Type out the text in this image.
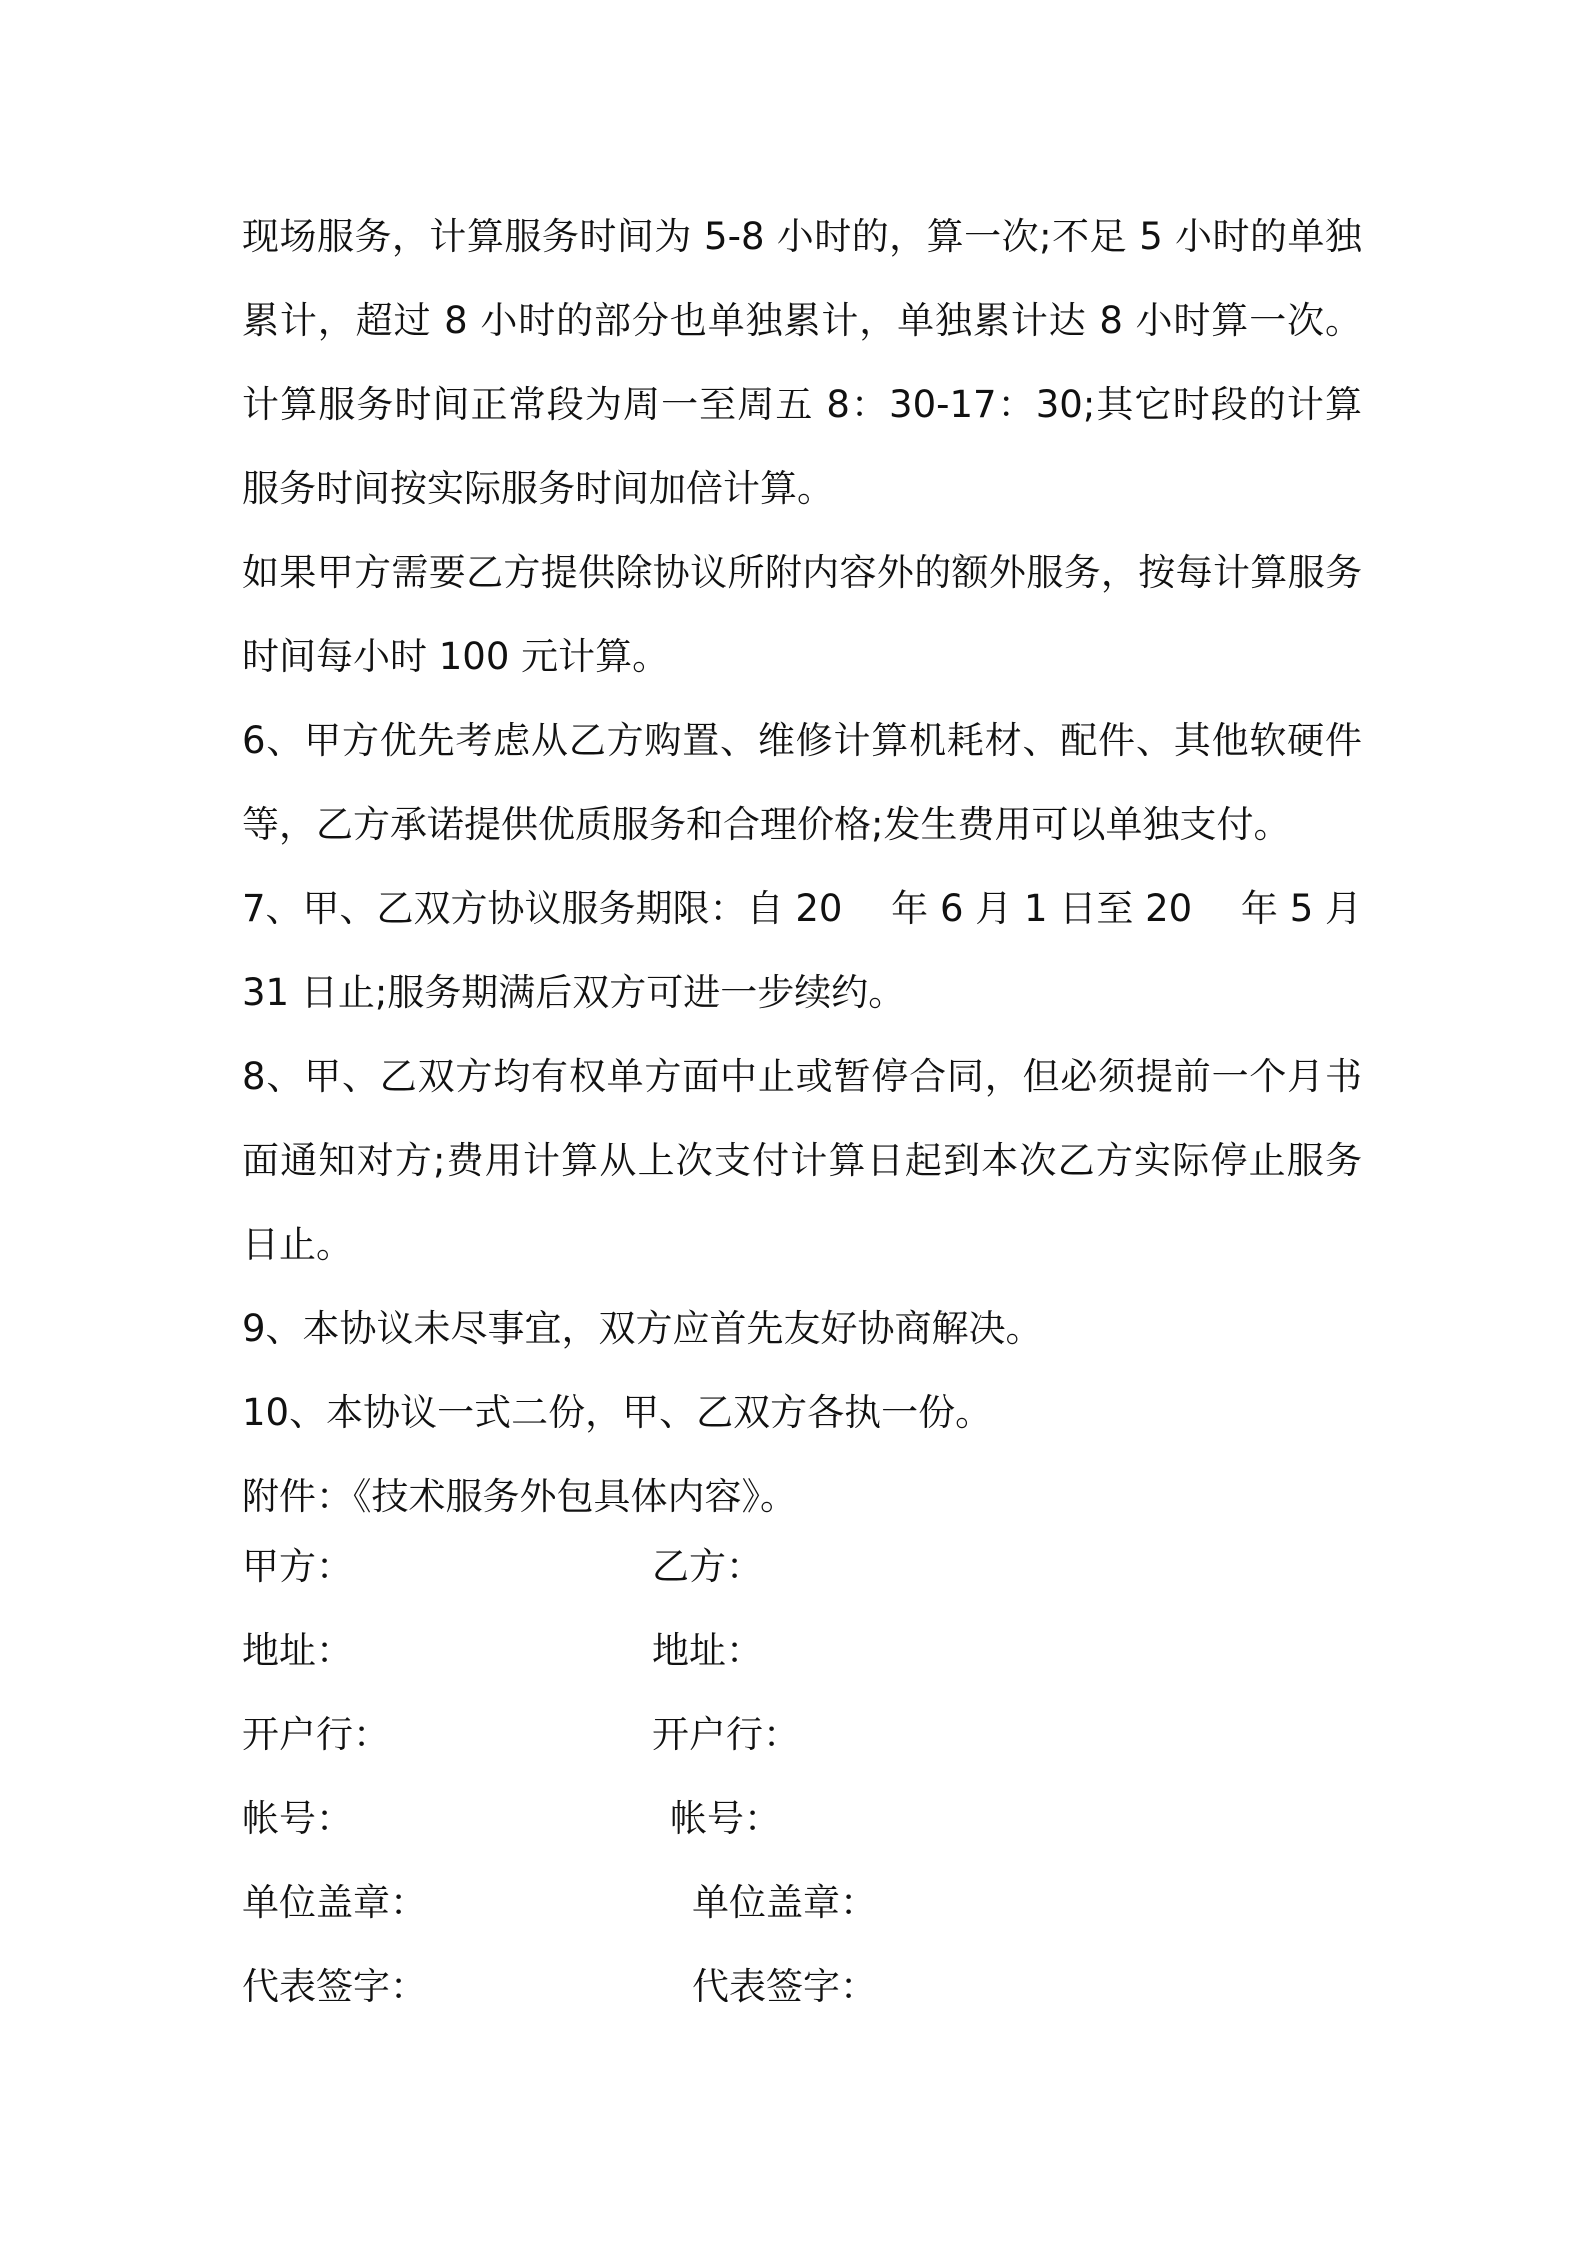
现场服务，计算服务时间为 5-8 小时的，算一次;不足 5 小时的单独累计，超过 8 小时的部分也单独累计，单独累计达 8 小时算一次。计算服务时间正常段为周一至周五 8：30-17：30;其它时段的计算服务时间按实际服务时间加倍计算。

如果甲方需要乙方提供除协议所附内容外的额外服务，按每计算服务时间每小时 100 元计算。

6、甲方优先考虑从乙方购置、维修计算机耗材、配件、其他软硬件等，乙方承诺提供优质服务和合理价格;发生费用可以单独支付。

7、甲、乙双方协议服务期限：自 20　 年 6 月 1 日至 20　 年 5 月 31 日止;服务期满后双方可进一步续约。

8、甲、乙双方均有权单方面中止或暂停合同，但必须提前一个月书面通知对方;费用计算从上次支付计算日起到本次乙方实际停止服务日止。

9、本协议未尽事宜，双方应首先友好协商解决。

10、本协议一式二份，甲、乙双方各执一份。

附件：《技术服务外包具体内容》。

甲方：	乙方：
地址：	地址：
开户行：	开户行：
帐号：	帐号：
单位盖章：	单位盖章：
代表签字：	代表签字：
